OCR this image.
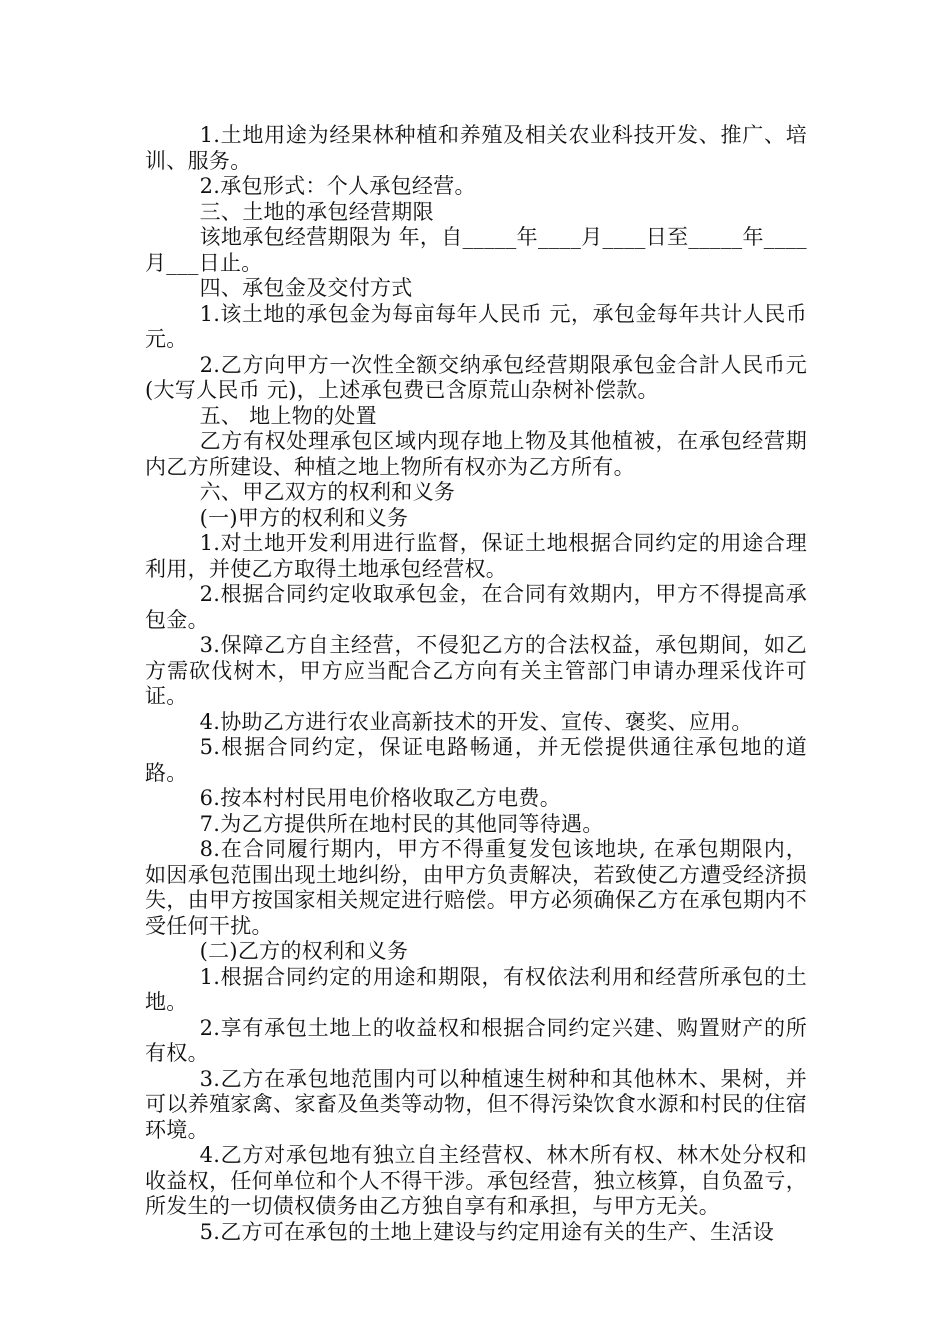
1.土地用途为经果林种植和养殖及相关农业科技开发、推广、培训、服务。

2.承包形式：个人承包经营。

三、土地的承包经营期限

该地承包经营期限为 年，自_____年____月____日至_____年____月___日止。

四、承包金及交付方式

1.该土地的承包金为每亩每年人民币 元，承包金每年共计人民币 元。

2.乙方向甲方一次性全额交纳承包经营期限承包金合計人民币元(大写人民币 元)，上述承包费已含原荒山杂树补偿款。

五、 地上物的处置

乙方有权处理承包区域内现存地上物及其他植被，在承包经营期内乙方所建设、种植之地上物所有权亦为乙方所有。

六、甲乙双方的权利和义务

(一)甲方的权利和义务

1.对土地开发利用进行监督，保证土地根据合同约定的用途合理利用，并使乙方取得土地承包经营权。

2.根据合同约定收取承包金，在合同有效期内，甲方不得提高承包金。

3.保障乙方自主经营，不侵犯乙方的合法权益，承包期间，如乙方需砍伐树木，甲方应当配合乙方向有关主管部门申请办理采伐许可证。

4.协助乙方进行农业高新技术的开发、宣传、褒奖、应用。

5.根据合同约定，保证电路畅通，并无偿提供通往承包地的道路。

6.按本村村民用电价格收取乙方电费。

7.为乙方提供所在地村民的其他同等待遇。

8.在合同履行期内，甲方不得重复发包该地块, 在承包期限内，如因承包范围出现土地纠纷，由甲方负责解决，若致使乙方遭受经济损失，由甲方按国家相关规定进行赔偿。甲方必须确保乙方在承包期内不受任何干扰。

(二)乙方的权利和义务

1.根据合同约定的用途和期限，有权依法利用和经营所承包的土地。

2.享有承包土地上的收益权和根据合同约定兴建、购置财产的所有权。

3.乙方在承包地范围内可以种植速生树种和其他林木、果树，并可以养殖家禽、家畜及鱼类等动物，但不得污染饮食水源和村民的住宿环境。

4.乙方对承包地有独立自主经营权、林木所有权、林木处分权和收益权，任何单位和个人不得干涉。承包经营，独立核算，自负盈亏，所发生的一切债权债务由乙方独自享有和承担，与甲方无关。

5.乙方可在承包的土地上建设与约定用途有关的生产、生活设
